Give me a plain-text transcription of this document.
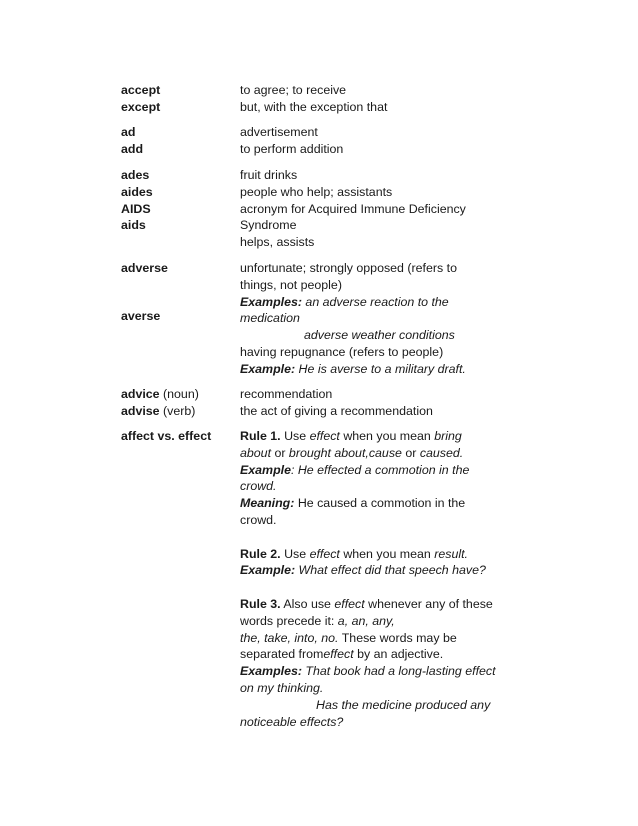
accept
except
to agree; to receive
but, with the exception that
ad
add
advertisement
to perform addition
ades
aides
AIDS
aids
fruit drinks
people who help; assistants
acronym for Acquired Immune Deficiency
Syndrome
helps, assists
adverse
averse
unfortunate; strongly opposed (refers to
things, not people)
Examples: an adverse reaction to the
medication
adverse weather conditions
having repugnance (refers to people)
Example: He is averse to a military draft.
advice (noun)
advise (verb)
recommendation
the act of giving a recommendation
affect vs. effect Rule 1. Use effect when you mean bring
about or brought about,cause or caused.
Example: He effected a commotion in the
crowd.
Meaning: He caused a commotion in the
crowd.
Rule 2. Use effect when you mean result.
Example: What effect did that speech have?
Rule 3. Also use effect whenever any of these
words precede it: a, an, any,
the, take, into, no. These words may be
separated fromeffect by an adjective.
Examples: That book had a long-lasting effect
on my thinking.
Has the medicine produced any
noticeable effects?
